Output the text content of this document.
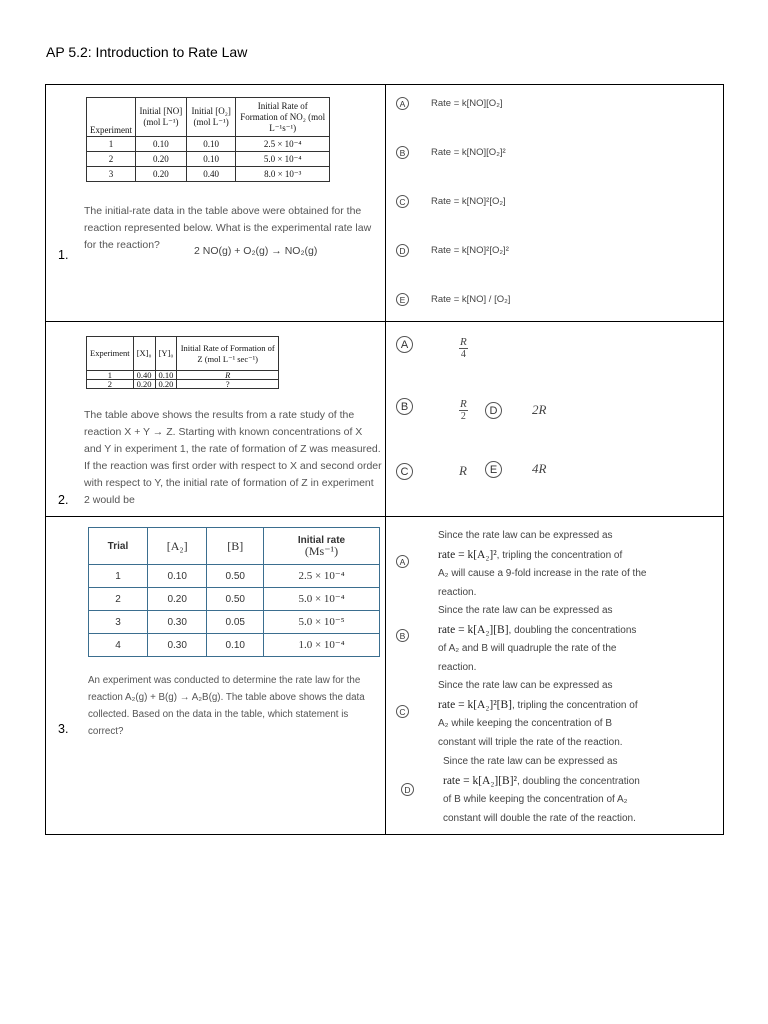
AP 5.2: Introduction to Rate Law
Experiment	Initial [NO] (mol L⁻¹)	Initial [O₂] (mol L⁻¹)	Initial Rate of Formation of NO₂ (mol L⁻¹s⁻¹)
1	0.10	0.10	2.5 × 10⁻⁴
2	0.20	0.10	5.0 × 10⁻⁴
3	0.20	0.40	8.0 × 10⁻³
The initial-rate data in the table above were obtained for the reaction represented below. What is the experimental rate law for the reaction?	2 NO(g) + O₂(g) → NO₂(g)
1.

A	Rate = k[NO][O₂]
B	Rate = k[NO][O₂]²
C	Rate = k[NO]²[O₂]
D	Rate = k[NO]²[O₂]²
E	Rate = k[NO] / [O₂]

Experiment	[X]₀	[Y]₀	Initial Rate of Formation of Z (mol L⁻¹ sec⁻¹)
1	0.40	0.10	R
2	0.20	0.20	?
The table above shows the results from a rate study of the reaction X + Y → Z. Starting with known concentrations of X and Y in experiment 1, the rate of formation of Z was measured. If the reaction was first order with respect to X and second order with respect to Y, the initial rate of formation of Z in experiment 2 would be
2.

A	$\frac{R}{4}$
B	$\frac{R}{2}$	D	2R
C	R	E	4R

Trial	[A₂]	[B]	Initial rate
(Ms⁻¹)

1	0.10	0.50	2.5 × 10⁻⁴
2	0.20	0.50	5.0 × 10⁻⁴
3	0.30	0.05	5.0 × 10⁻⁵
4	0.30	0.10	1.0 × 10⁻⁴
An experiment was conducted to determine the rate law for the reaction A₂(g) + B(g) → A₂B(g). The table above shows the data collected. Based on the data in the table, which statement is correct?
3.

A
Since the rate law can be expressed as
rate = k[A₂]², tripling the concentration of
A₂ will cause a 9-fold increase in the rate of the
reaction.
B
Since the rate law can be expressed as
rate = k[A₂][B], doubling the concentrations
of A₂ and B will quadruple the rate of the
reaction.
C
Since the rate law can be expressed as
rate = k[A₂]²[B], tripling the concentration of
A₂ while keeping the concentration of B
constant will triple the rate of the reaction.
D
Since the rate law can be expressed as
rate = k[A₂][B]², doubling the concentration
of B while keeping the concentration of A₂
constant will double the rate of the reaction.
